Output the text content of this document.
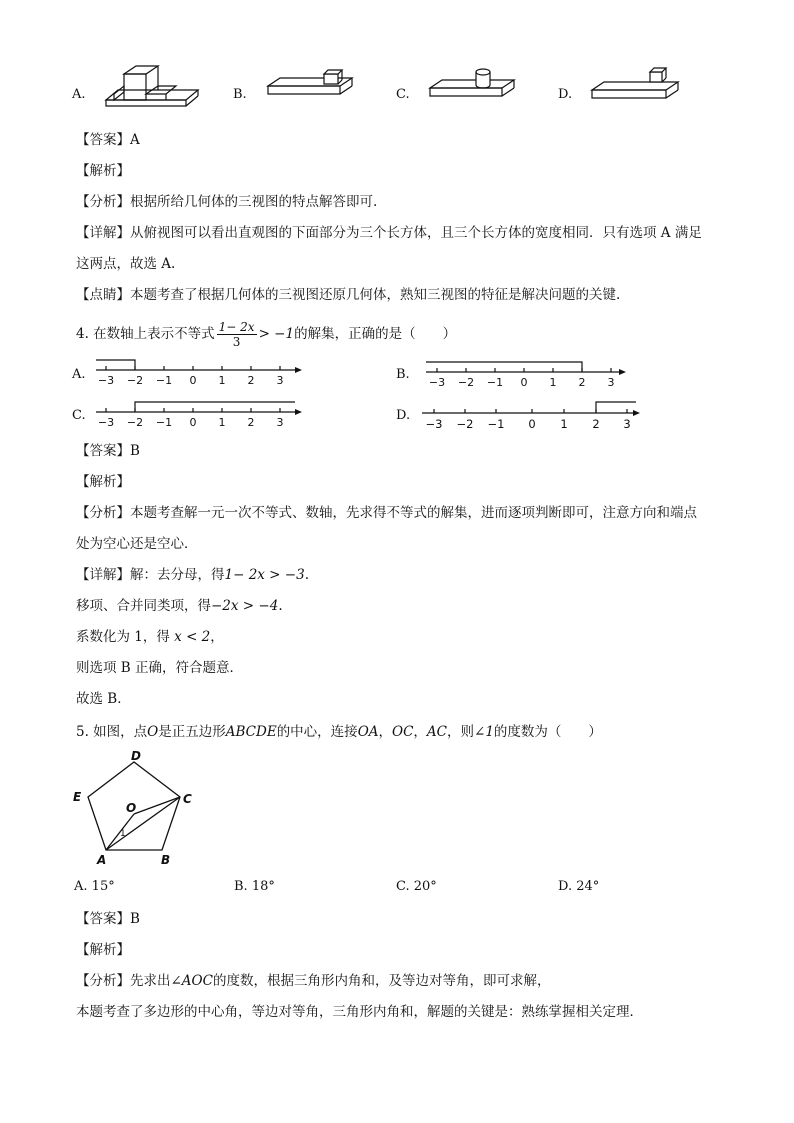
A.	B.	C.	D.
【答案】A
【解析】
【分析】根据所给几何体的三视图的特点解答即可.
【详解】从俯视图可以看出直观图的下面部分为三个长方体，且三个长方体的宽度相同．只有选项 A 满足
这两点，故选 A.
【点睛】本题考查了根据几何体的三视图还原几何体，熟知三视图的特征是解决问题的关键.
4. 在数轴上表示不等式 $\frac{1- 2x}{3} > -1$的解集，正确的是（　　）
A. −3 −2 −1 0 1 2 3	B.
−3 −2 −1 0 1 2 3
C. −3 −2 −1 0 1 2 3	D.
−3 −2 −1 0 1 2 3
【答案】B
【解析】
【分析】本题考查解一元一次不等式、数轴，先求得不等式的解集，进而逐项判断即可，注意方向和端点
处为空心还是空心．
【详解】解：去分母，得1− 2x > −3.
移项、合并同类项，得−2x > −4.
系数化为 1，得 x < 2，
则选项 B 正确，符合题意．
故选 B．
5. 如图，点O是正五边形ABCDE的中心，连接OA，OC，AC，则∠1的度数为（　　）
A	B
C
D
E
O
1
A. 15°	B. 18°	C. 20°	D. 24°
【答案】B
【解析】
【分析】先求出∠AOC的度数，根据三角形内角和，及等边对等角，即可求解，
本题考查了多边形的中心角，等边对等角，三角形内角和，解题的关键是：熟练掌握相关定理．
